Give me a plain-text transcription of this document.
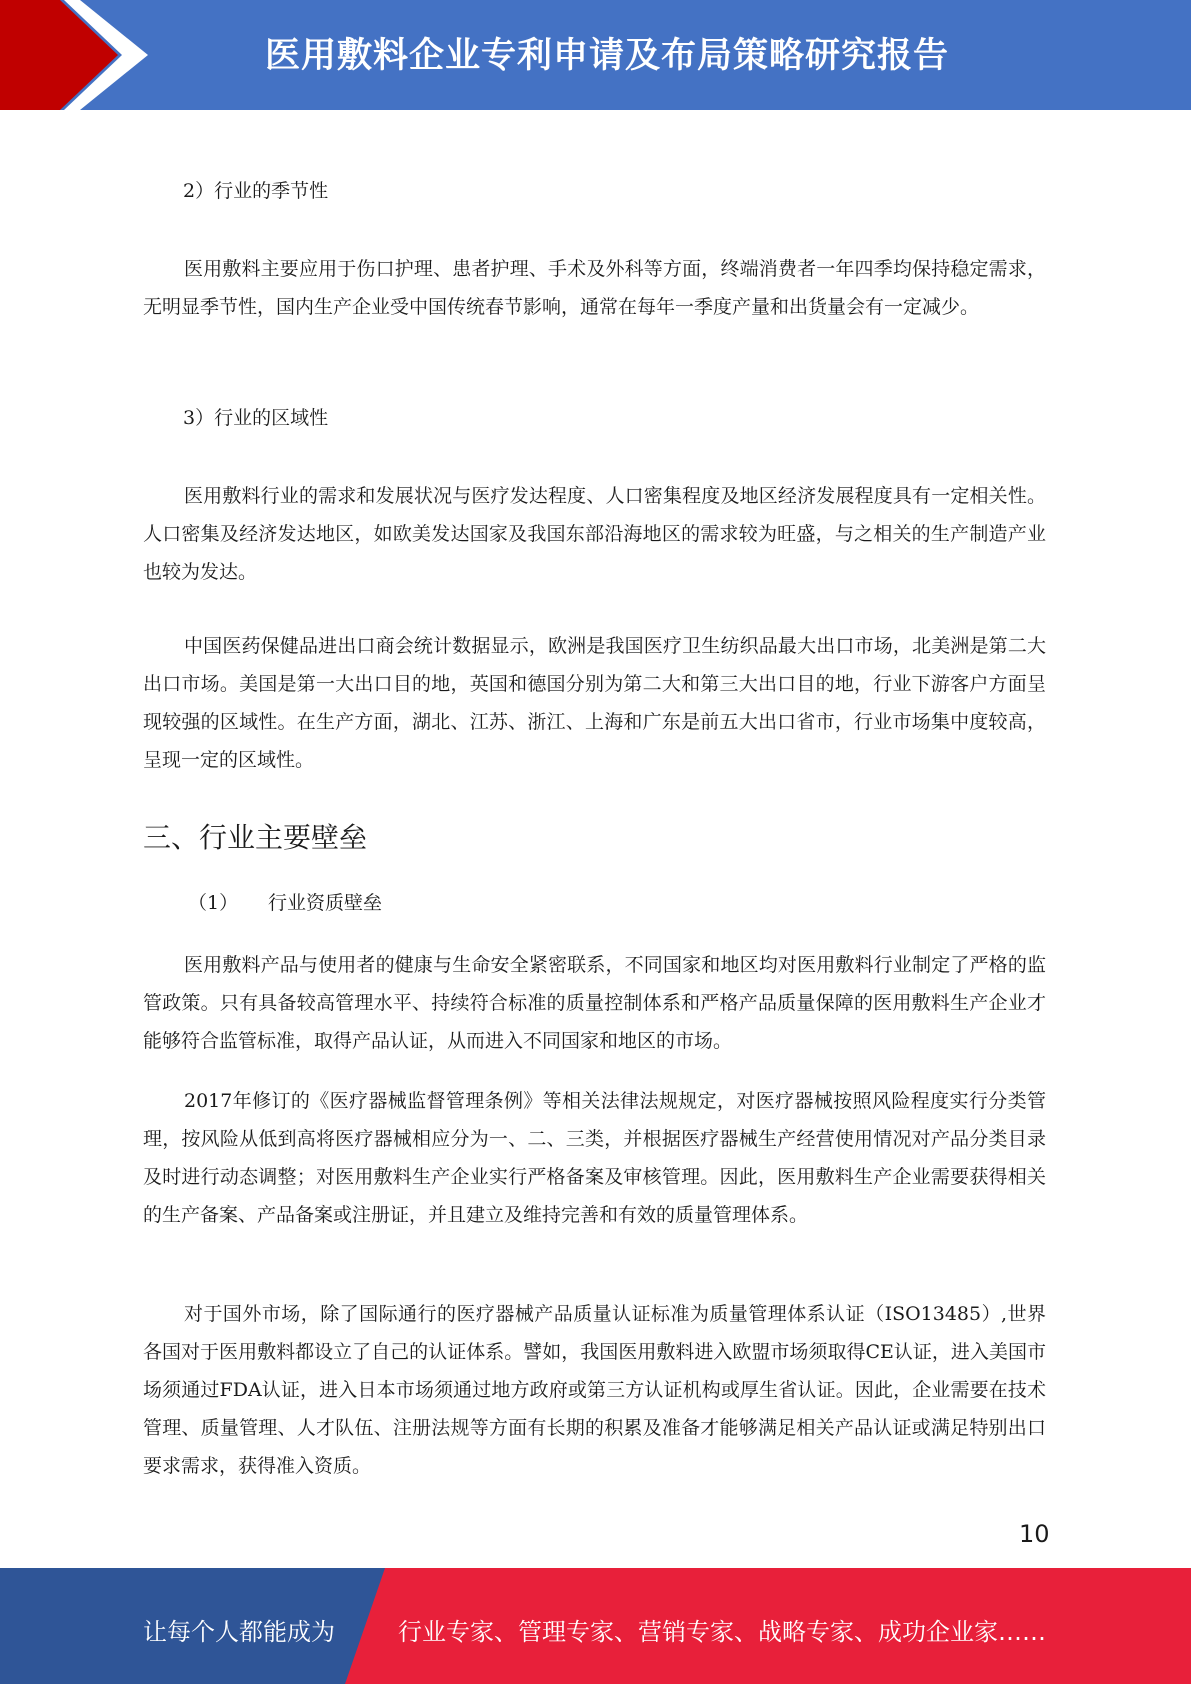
医用敷料企业专利申请及布局策略研究报告
2）行业的季节性
医用敷料主要应用于伤口护理、患者护理、手术及外科等方面，终端消费者一年四季均保持稳定需求，无明显季节性，国内生产企业受中国传统春节影响，通常在每年一季度产量和出货量会有一定减少。
3）行业的区域性
医用敷料行业的需求和发展状况与医疗发达程度、人口密集程度及地区经济发展程度具有一定相关性。人口密集及经济发达地区，如欧美发达国家及我国东部沿海地区的需求较为旺盛，与之相关的生产制造产业也较为发达。
中国医药保健品进出口商会统计数据显示，欧洲是我国医疗卫生纺织品最大出口市场，北美洲是第二大出口市场。美国是第一大出口目的地，英国和德国分别为第二大和第三大出口目的地，行业下游客户方面呈现较强的区域性。在生产方面，湖北、江苏、浙江、上海和广东是前五大出口省市，行业市场集中度较高，呈现一定的区域性。
三、行业主要壁垒
（1） 行业资质壁垒
医用敷料产品与使用者的健康与生命安全紧密联系，不同国家和地区均对医用敷料行业制定了严格的监管政策。只有具备较高管理水平、持续符合标准的质量控制体系和严格产品质量保障的医用敷料生产企业才能够符合监管标准，取得产品认证，从而进入不同国家和地区的市场。
2017年修订的《医疗器械监督管理条例》等相关法律法规规定，对医疗器械按照风险程度实行分类管理，按风险从低到高将医疗器械相应分为一、二、三类，并根据医疗器械生产经营使用情况对产品分类目录及时进行动态调整；对医用敷料生产企业实行严格备案及审核管理。因此，医用敷料生产企业需要获得相关的生产备案、产品备案或注册证，并且建立及维持完善和有效的质量管理体系。
对于国外市场，除了国际通行的医疗器械产品质量认证标准为质量管理体系认证（ISO13485）,世界各国对于医用敷料都设立了自己的认证体系。譬如，我国医用敷料进入欧盟市场须取得CE认证，进入美国市场须通过FDA认证，进入日本市场须通过地方政府或第三方认证机构或厚生省认证。因此，企业需要在技术管理、质量管理、人才队伍、注册法规等方面有长期的积累及准备才能够满足相关产品认证或满足特别出口要求需求，获得准入资质。
10
让每个人都能成为	行业专家、管理专家、营销专家、战略专家、成功企业家……
